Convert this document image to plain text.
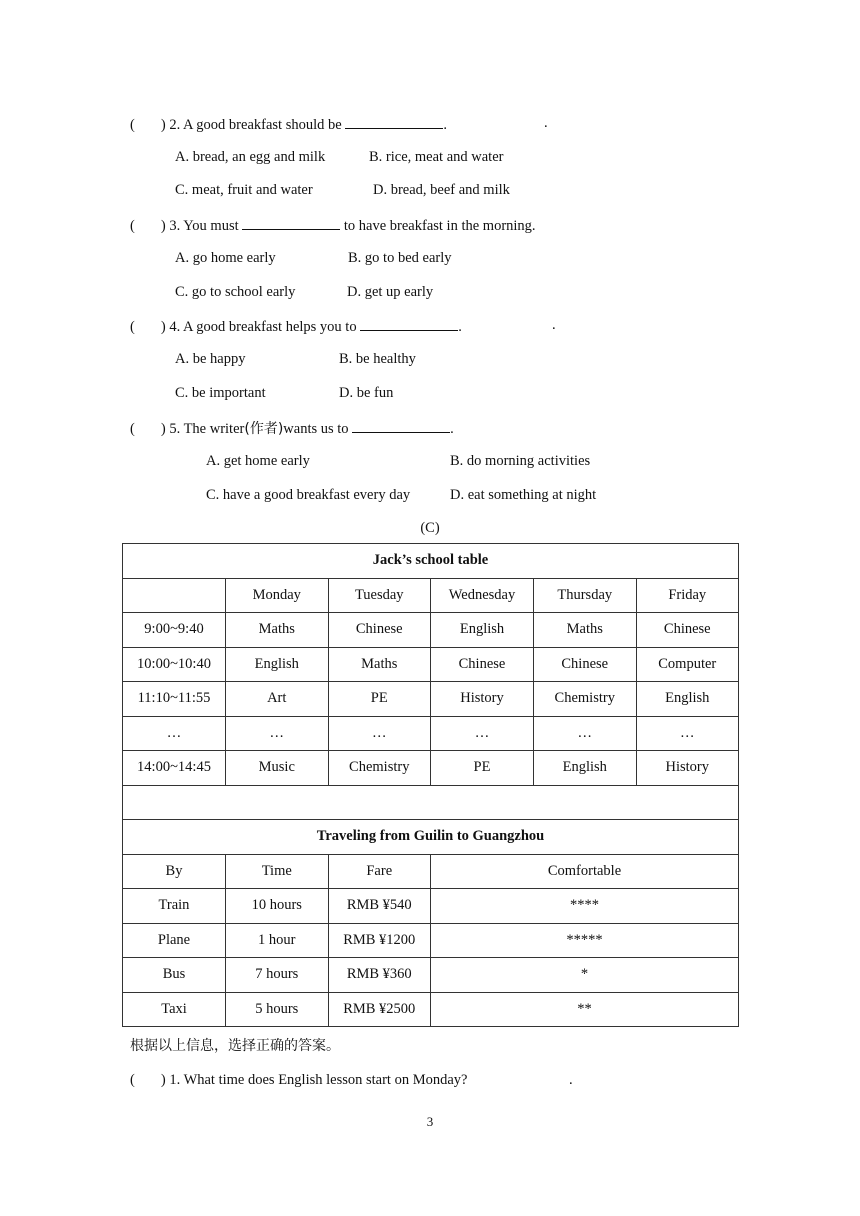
( ) 2. A good breakfast should be	.	.
A. bread, an egg and milk	B. rice, meat and water
C. meat, fruit and water	D. bread, beef and milk
( ) 3. You must	to have breakfast in the morning.
A. go home early	B. go to bed early
C. go to school early	D. get up early
( ) 4. A good breakfast helps you to	.	.
A. be happy	B. be healthy
C. be important	D. be fun
( ) 5. The writer(作者)wants us to	.
A. get home early	B. do morning activities
C. have a good breakfast every day	D. eat something at night
(C)
Jack’s school table					
	Monday	Tuesday	Wednesday	Thursday	Friday
9:00~9:40	Maths	Chinese	English	Maths	Chinese
10:00~10:40	English	Maths	Chinese	Chinese	Computer
11:10~11:55	Art	PE	History	Chemistry	English
…	…	…	…	…	…
14:00~14:45	Music	Chemistry	PE	English	History

Traveling from Guilin to Guangzhou					
By	Time	Fare	Comfortable		
Train	10 hours	RMB ¥540	****		
Plane	1 hour	RMB ¥1200	*****		
Bus	7 hours	RMB ¥360	*		
Taxi	5 hours	RMB ¥2500	**		
根据以上信息，选择正确的答案。
( ) 1. What time does English lesson start on Monday?	.
3
